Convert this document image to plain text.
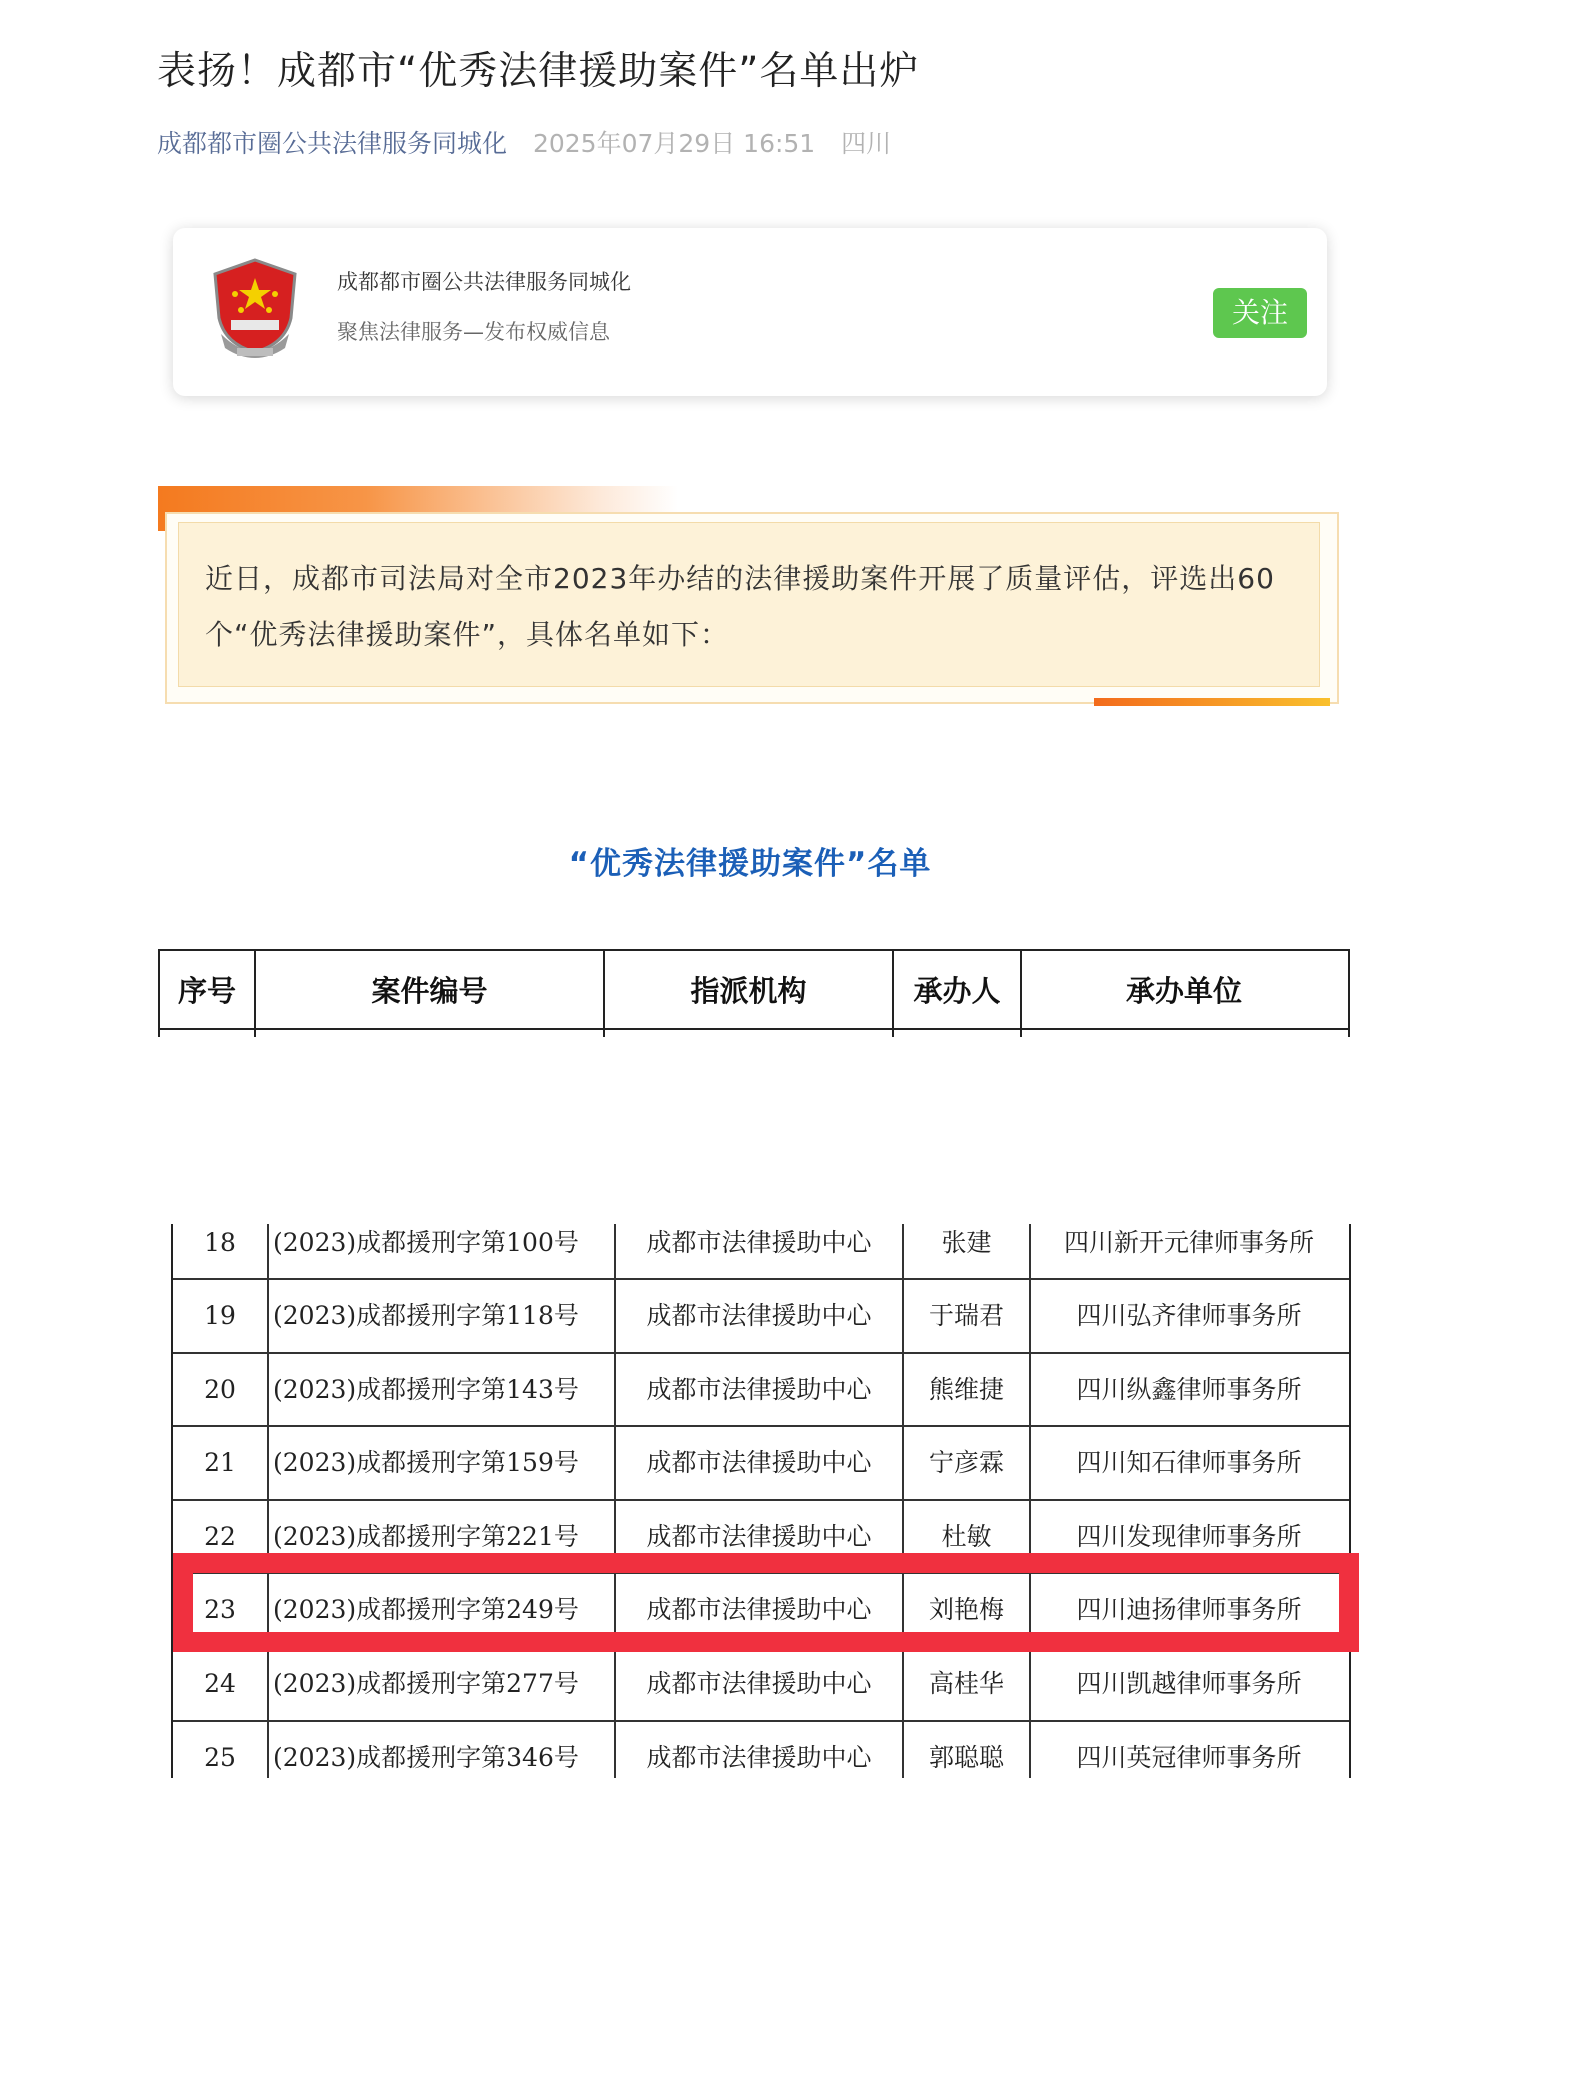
表扬！成都市“优秀法律援助案件”名单出炉
成都都市圈公共法律服务同城化 2025年07月29日 16:51 四川
成都都市圈公共法律服务同城化
聚焦法律服务—发布权威信息
关注
近日，成都市司法局对全市2023年办结的法律援助案件开展了质量评估，评选出60个“优秀法律援助案件”，具体名单如下：
“优秀法律援助案件”名单
序号	案件编号	指派机构	承办人	承办单位
18	(2023)成都援刑字第100号	成都市法律援助中心	张建	四川新开元律师事务所
19	(2023)成都援刑字第118号	成都市法律援助中心	于瑞君	四川弘齐律师事务所
20	(2023)成都援刑字第143号	成都市法律援助中心	熊维捷	四川纵鑫律师事务所
21	(2023)成都援刑字第159号	成都市法律援助中心	宁彦霖	四川知石律师事务所
22	(2023)成都援刑字第221号	成都市法律援助中心	杜敏	四川发现律师事务所
23	(2023)成都援刑字第249号	成都市法律援助中心	刘艳梅	四川迪扬律师事务所
24	(2023)成都援刑字第277号	成都市法律援助中心	高桂华	四川凯越律师事务所
25	(2023)成都援刑字第346号	成都市法律援助中心	郭聪聪	四川英冠律师事务所
